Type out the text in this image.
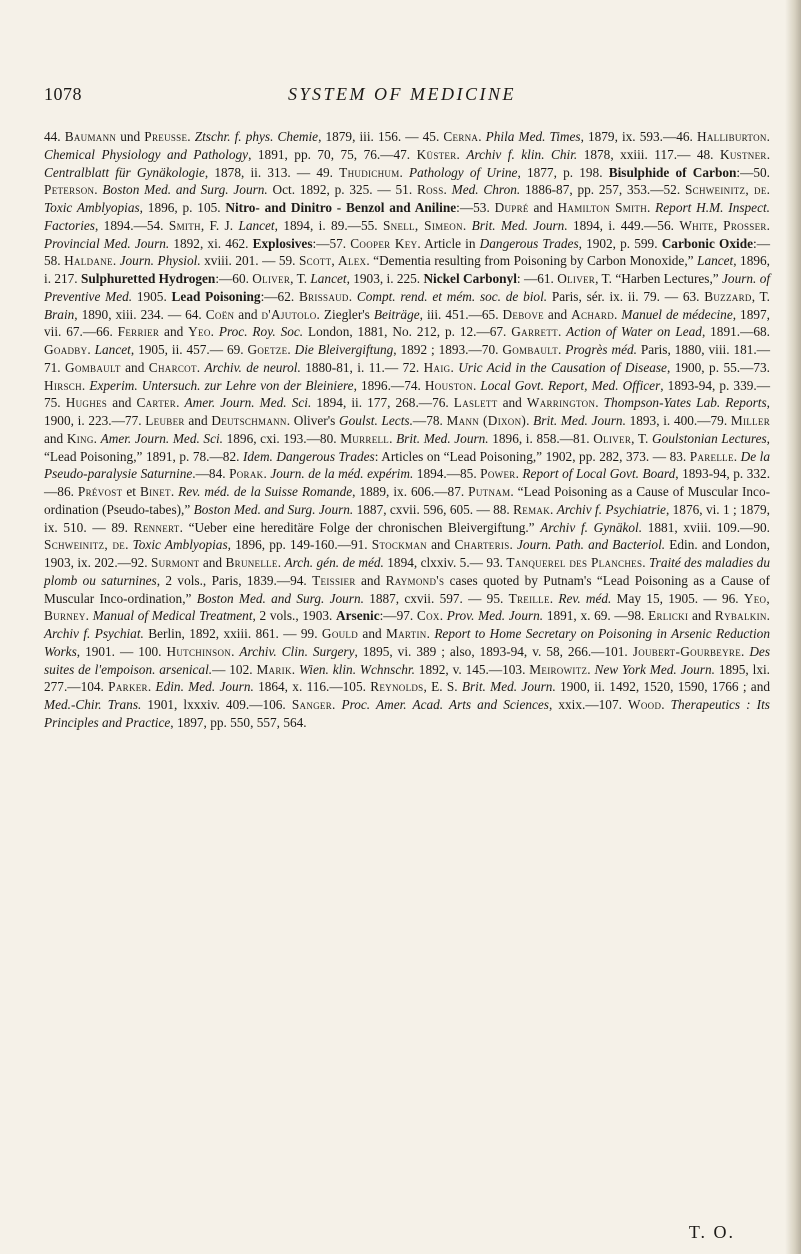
1078	SYSTEM OF MEDICINE

44. Baumann und Preusse. Ztschr. f. phys. Chemie, 1879, iii. 156. — 45. Cerna. Phila Med. Times, 1879, ix. 593.—46. Halliburton. Chemical Physiology and Pathology, 1891, pp. 70, 75, 76.—47. Küster. Archiv f. klin. Chir. 1878, xxiii. 117.— 48. Kustner. Centralblatt für Gynäkologie, 1878, ii. 313. — 49. Thudichum. Pathology of Urine, 1877, p. 198. Bisulphide of Carbon:—50. Peterson. Boston Med. and Surg. Journ. Oct. 1892, p. 325. — 51. Ross. Med. Chron. 1886-87, pp. 257, 353.—52. Schweinitz, de. Toxic Amblyopias, 1896, p. 105. Nitro- and Dinitro - Benzol and Aniline:—53. Dupré and Hamilton Smith. Report H.M. Inspect. Factories, 1894.—54. Smith, F. J. Lancet, 1894, i. 89.—55. Snell, Simeon. Brit. Med. Journ. 1894, i. 449.—56. White, Prosser. Provincial Med. Journ. 1892, xi. 462. Explosives:—57. Cooper Key. Article in Dangerous Trades, 1902, p. 599. Carbonic Oxide:—58. Haldane. Journ. Physiol. xviii. 201. — 59. Scott, Alex. “Dementia resulting from Poisoning by Carbon Monoxide,” Lancet, 1896, i. 217. Sulphuretted Hydrogen:—60. Oliver, T. Lancet, 1903, i. 225. Nickel Carbonyl: —61. Oliver, T. “Harben Lectures,” Journ. of Preventive Med. 1905. Lead Poisoning:—62. Brissaud. Compt. rend. et mém. soc. de biol. Paris, sér. ix. ii. 79. — 63. Buzzard, T. Brain, 1890, xiii. 234. — 64. Coën and d'Ajutolo. Ziegler's Beiträge, iii. 451.—65. Debove and Achard. Manuel de médecine, 1897, vii. 67.—66. Ferrier and Yeo. Proc. Roy. Soc. London, 1881, No. 212, p. 12.—67. Garrett. Action of Water on Lead, 1891.—68. Goadby. Lancet, 1905, ii. 457.— 69. Goetze. Die Bleivergiftung, 1892 ; 1893.—70. Gombault. Progrès méd. Paris, 1880, viii. 181.—71. Gombault and Charcot. Archiv. de neurol. 1880-81, i. 11.— 72. Haig. Uric Acid in the Causation of Disease, 1900, p. 55.—73. Hirsch. Experim. Untersuch. zur Lehre von der Bleiniere, 1896.—74. Houston. Local Govt. Report, Med. Officer, 1893-94, p. 339.—75. Hughes and Carter. Amer. Journ. Med. Sci. 1894, ii. 177, 268.—76. Laslett and Warrington. Thompson-Yates Lab. Reports, 1900, i. 223.—77. Leuber and Deutschmann. Oliver's Goulst. Lects.—78. Mann (Dixon). Brit. Med. Journ. 1893, i. 400.—79. Miller and King. Amer. Journ. Med. Sci. 1896, cxi. 193.—80. Murrell. Brit. Med. Journ. 1896, i. 858.—81. Oliver, T. Goulstonian Lectures, “Lead Poisoning,” 1891, p. 78.—82. Idem. Dangerous Trades: Articles on “Lead Poisoning,” 1902, pp. 282, 373. — 83. Parelle. De la Pseudo-paralysie Saturnine.—84. Porak. Journ. de la méd. expérim. 1894.—85. Power. Report of Local Govt. Board, 1893-94, p. 332.—86. Prévost et Binet. Rev. méd. de la Suisse Romande, 1889, ix. 606.—87. Putnam. “Lead Poisoning as a Cause of Muscular Inco-ordination (Pseudo-tabes),” Boston Med. and Surg. Journ. 1887, cxvii. 596, 605. — 88. Remak. Archiv f. Psychiatrie, 1876, vi. 1 ; 1879, ix. 510. — 89. Rennert. “Ueber eine hereditäre Folge der chronischen Bleivergiftung.” Archiv f. Gynäkol. 1881, xviii. 109.—90. Schweinitz, de. Toxic Amblyopias, 1896, pp. 149-160.—91. Stockman and Charteris. Journ. Path. and Bacteriol. Edin. and London, 1903, ix. 202.—92. Surmont and Brunelle. Arch. gén. de méd. 1894, clxxiv. 5.— 93. Tanquerel des Planches. Traité des maladies du plomb ou saturnines, 2 vols., Paris, 1839.—94. Teissier and Raymond's cases quoted by Putnam's “Lead Poisoning as a Cause of Muscular Inco-ordination,” Boston Med. and Surg. Journ. 1887, cxvii. 597. — 95. Treille. Rev. méd. May 15, 1905. — 96. Yeo, Burney. Manual of Medical Treatment, 2 vols., 1903. Arsenic:—97. Cox. Prov. Med. Journ. 1891, x. 69. —98. Erlicki and Rybalkin. Archiv f. Psychiat. Berlin, 1892, xxiii. 861. — 99. Gould and Martin. Report to Home Secretary on Poisoning in Arsenic Reduction Works, 1901. — 100. Hutchinson. Archiv. Clin. Surgery, 1895, vi. 389 ; also, 1893-94, v. 58, 266.—101. Joubert-Gourbeyre. Des suites de l'empoison. arsenical.— 102. Marik. Wien. klin. Wchnschr. 1892, v. 145.—103. Meirowitz. New York Med. Journ. 1895, lxi. 277.—104. Parker. Edin. Med. Journ. 1864, x. 116.—105. Reynolds, E. S. Brit. Med. Journ. 1900, ii. 1492, 1520, 1590, 1766 ; and Med.-Chir. Trans. 1901, lxxxiv. 409.—106. Sanger. Proc. Amer. Acad. Arts and Sciences, xxix.—107. Wood. Therapeutics : Its Principles and Practice, 1897, pp. 550, 557, 564.

T. O.
